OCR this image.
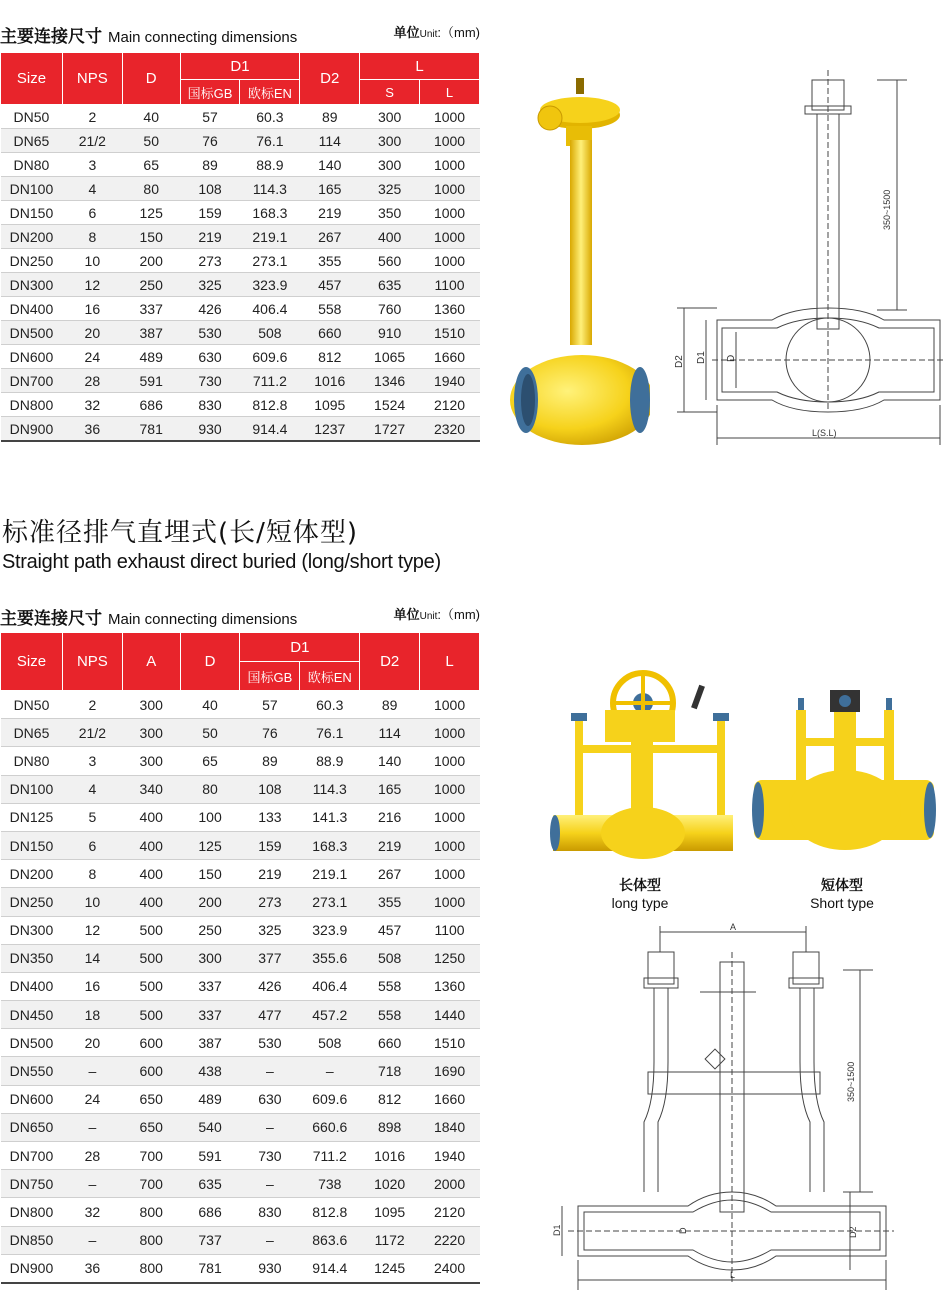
主要连接尺寸 Main connecting dimensions	单位Unit:（mm)
Size	NPS	D	D1		D2	L	
			国标GB	欧标EN		S	L
DN50	2	40	57	60.3	89	300	1000
DN65	21/2	50	76	76.1	114	300	1000
DN80	3	65	89	88.9	140	300	1000
DN100	4	80	108	114.3	165	325	1000
DN150	6	125	159	168.3	219	350	1000
DN200	8	150	219	219.1	267	400	1000
DN250	10	200	273	273.1	355	560	1000
DN300	12	250	325	323.9	457	635	1100
DN400	16	337	426	406.4	558	760	1360
DN500	20	387	530	508	660	910	1510
DN600	24	489	630	609.6	812	1065	1660
DN700	28	591	730	711.2	1016	1346	1940
DN800	32	686	830	812.8	1095	1524	2120
DN900	36	781	930	914.4	1237	1727	2320
350~1500
D2 D1 D
L(S.L)
标准径排气直埋式(长/短体型)
Straight path exhaust direct buried (long/short type)
主要连接尺寸 Main connecting dimensions	单位Unit:（mm)
Size	NPS	A	D	D1		D2	L
				国标GB	欧标EN		
DN50	2	300	40	57	60.3	89	1000
DN65	21/2	300	50	76	76.1	114	1000
DN80	3	300	65	89	88.9	140	1000
DN100	4	340	80	108	114.3	165	1000
DN125	5	400	100	133	141.3	216	1000
DN150	6	400	125	159	168.3	219	1000
DN200	8	400	150	219	219.1	267	1000
DN250	10	400	200	273	273.1	355	1000
DN300	12	500	250	325	323.9	457	1100
DN350	14	500	300	377	355.6	508	1250
DN400	16	500	337	426	406.4	558	1360
DN450	18	500	337	477	457.2	558	1440
DN500	20	600	387	530	508	660	1510
DN550	–	600	438	–	–	718	1690
DN600	24	650	489	630	609.6	812	1660
DN650	–	650	540	–	660.6	898	1840
DN700	28	700	591	730	711.2	1016	1940
DN750	–	700	635	–	738	1020	2000
DN800	32	800	686	830	812.8	1095	2120
DN850	–	800	737	–	863.6	1172	2220
DN900	36	800	781	930	914.4	1245	2400
长体型
long type
短体型
Short type
A
350~1500
D1	D	D2
L
